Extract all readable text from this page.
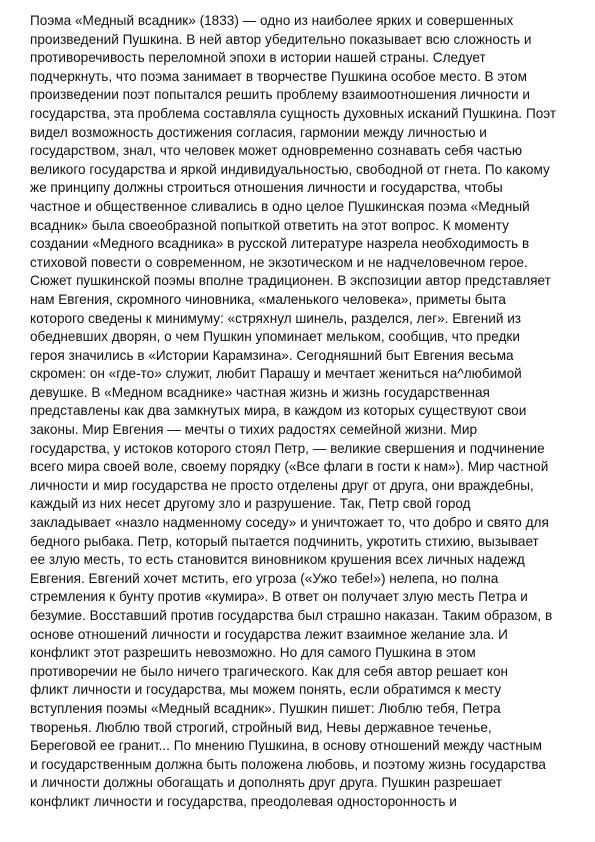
Поэма «Медный всадник» (1833) — одно из наиболее ярких и совершенных
произведений Пушкина. В ней автор убедительно показывает всю сложность и
противоречивость переломной эпохи в истории нашей страны. Следует
подчеркнуть, что поэма занимает в творчестве Пушкина особое место. В этом
произведении поэт попытался решить проблему взаимоотношения личности и
государства, эта проблема составляла сущность духовных исканий Пушкина. Поэт
видел возможность достижения согласия, гармонии между личностью и
государством, знал, что человек может одновременно сознавать себя частью
великого государства и яркой индивидуальностью, свободной от гнета. По какому
же принципу должны строиться отношения личности и государства, чтобы
частное и общественное сливались в одно целое Пушкинская поэма «Медный
всадник» была своеобразной попыткой ответить на этот вопрос. К моменту
создании «Медного всадника» в русской литературе назрела необходимость в
стиховой повести о современном, не экзотическом и не надчеловечном герое.
Сюжет пушкинской поэмы вполне традиционен. В экспозиции автор представляет
нам Евгения, скромного чиновника, «маленького человека», приметы быта
которого сведены к минимуму: «стряхнул шинель, разделся, лег». Евгений из
обедневших дворян, о чем Пушкин упоминает мельком, сообщив, что предки
героя значились в «Истории Карамзина». Сегодняшний быт Евгения весьма
скромен: он «где-то» служит, любит Парашу и мечтает жениться на^любимой
девушке. В «Медном всаднике» частная жизнь и жизнь государственная
представлены как два замкнутых мира, в каждом из которых существуют свои
законы. Мир Евгения — мечты о тихих радостях семейной жизни. Мир
государства, у истоков которого стоял Петр, — великие свершения и подчинение
всего мира своей воле, своему порядку («Все флаги в гости к нам»). Мир частной
личности и мир государства не просто отделены друг от друга, они враждебны,
каждый из них несет другому зло и разрушение. Так, Петр свой город
закладывает «назло надменному соседу» и уничтожает то, что добро и свято для
бедного рыбака. Петр, который пытается подчинить, укротить стихию, вызывает
ее злую месть, то есть становится виновником крушения всех личных надежд
Евгения. Евгений хочет мстить, его угроза («Ужо тебе!») нелепа, но полна
стремления к бунту против «кумира». В ответ он получает злую месть Петра и
безумие. Восставший против государства был страшно наказан. Таким образом, в
основе отношений личности и государства лежит взаимное желание зла. И
конфликт этот разрешить невозможно. Но для самого Пушкина в этом
противоречии не было ничего трагического. Как для себя автор решает кон
фликт личности и государства, мы можем понять, если обратимся к месту
вступления поэмы «Медный всадник». Пушкин пишет: Люблю тебя, Петра
творенья. Люблю твой строгий, стройный вид, Невы державное теченье,
Береговой ее гранит... По мнению Пушкина, в основу отношений между частным
и государственным должна быть положена любовь, и поэтому жизнь государства
и личности должны обогащать и дополнять друг друга. Пушкин разрешает
конфликт личности и государства, преодолевая односторонность и
